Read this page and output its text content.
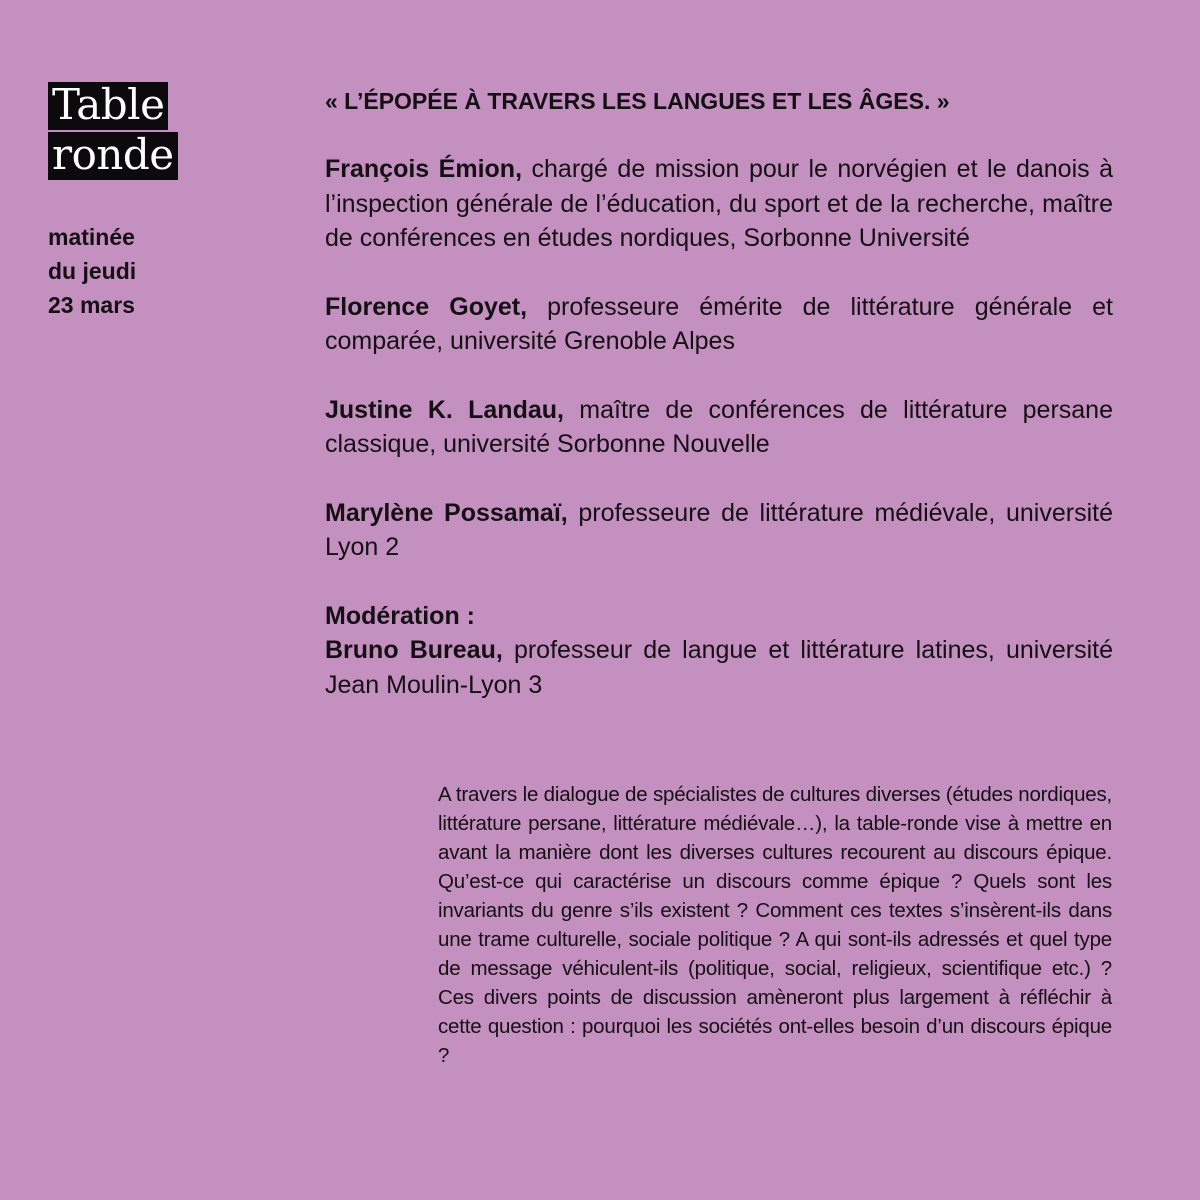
Table
ronde
matinée
du jeudi
23 mars
« L’ÉPOPÉE À TRAVERS LES LANGUES ET LES ÂGES. »

François Émion, chargé de mission pour le norvégien et le danois à l’inspection générale de l’éducation, du sport et de la recherche, maître de conférences en études nordiques, Sorbonne Université

Florence Goyet, professeure émérite de littérature générale et comparée, université Grenoble Alpes

Justine K. Landau, maître de conférences de littérature persane classique, université Sorbonne Nouvelle

Marylène Possamaï, professeure de littérature médiévale, université Lyon 2

Modération :

Bruno Bureau, professeur de langue et littérature latines, université Jean Moulin-Lyon 3

A travers le dialogue de spécialistes de cultures diverses (études nordiques, littérature persane, littérature médiévale…), la table-ronde vise à mettre en avant la manière dont les diverses cultures recourent au discours épique. Qu’est-ce qui caractérise un discours comme épique ? Quels sont les invariants du genre s’ils existent ? Comment ces textes s’insèrent-ils dans une trame culturelle, sociale politique ? A qui sont-ils adressés et quel type de message véhiculent-ils (politique, social, religieux, scientifique etc.) ? Ces divers points de discussion amèneront plus largement à réfléchir à cette question : pourquoi les sociétés ont-elles besoin d’un discours épique ?
